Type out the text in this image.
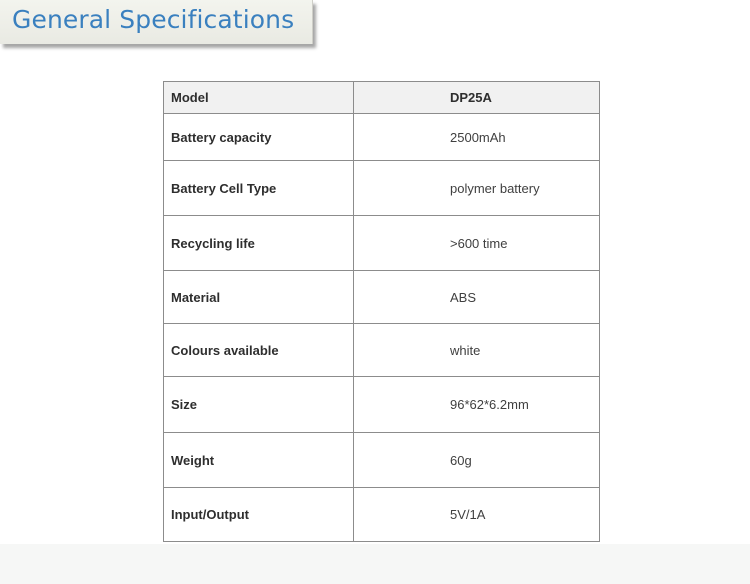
General Specifications
Model	DP25A
Battery capacity	2500mAh
Battery Cell Type	polymer battery
Recycling life	>600 time
Material	ABS
Colours available	white
Size	96*62*6.2mm
Weight	60g
Input/Output	5V/1A
